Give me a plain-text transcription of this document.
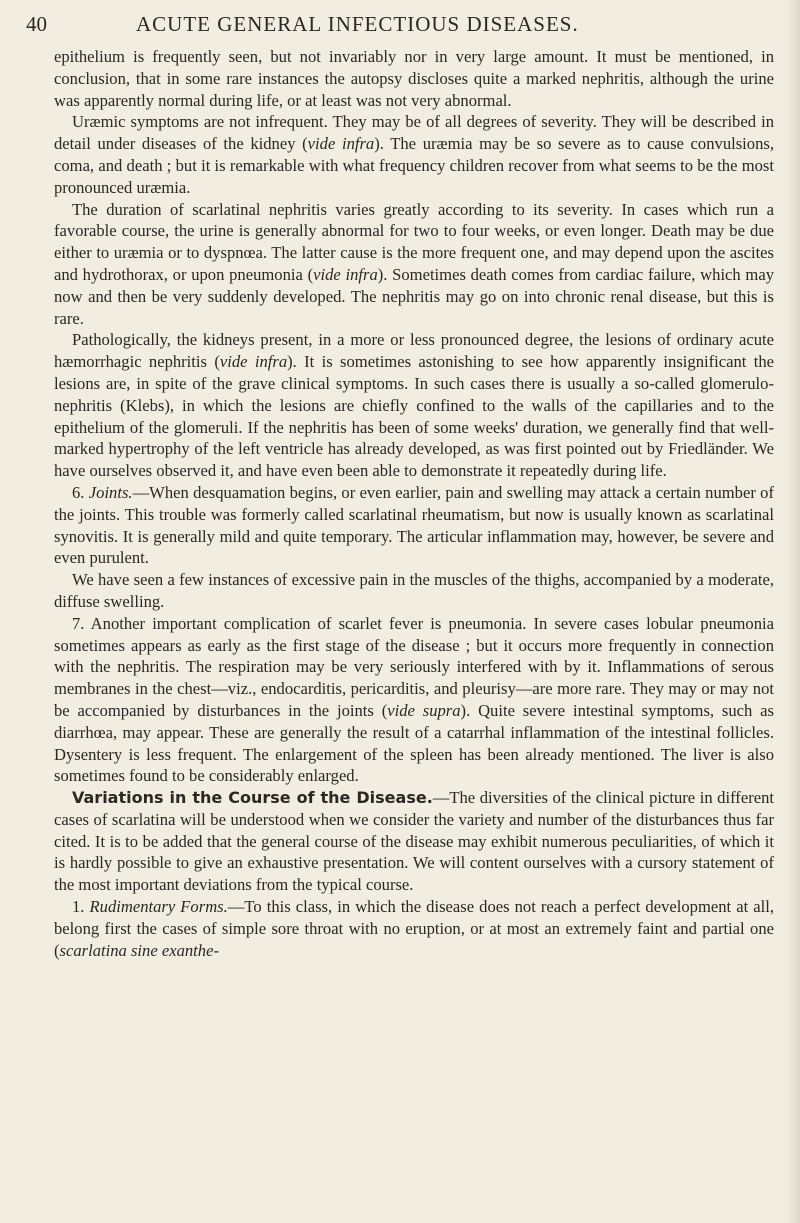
40	ACUTE GENERAL INFECTIOUS DISEASES.

epithelium is frequently seen, but not invariably nor in very large amount. It must be mentioned, in conclusion, that in some rare instances the autopsy discloses quite a marked nephritis, although the urine was apparently normal during life, or at least was not very abnormal.

Uræmic symptoms are not infrequent. They may be of all degrees of severity. They will be described in detail under diseases of the kidney (vide infra). The uræmia may be so severe as to cause convulsions, coma, and death ; but it is remarkable with what frequency children recover from what seems to be the most pronounced uræmia.

The duration of scarlatinal nephritis varies greatly according to its severity. In cases which run a favorable course, the urine is generally abnormal for two to four weeks, or even longer. Death may be due either to uræmia or to dyspnœa. The latter cause is the more frequent one, and may depend upon the ascites and hydrothorax, or upon pneumonia (vide infra). Sometimes death comes from cardiac failure, which may now and then be very suddenly developed. The nephritis may go on into chronic renal disease, but this is rare.

Pathologically, the kidneys present, in a more or less pronounced degree, the lesions of ordinary acute hæmorrhagic nephritis (vide infra). It is sometimes astonishing to see how apparently insignificant the lesions are, in spite of the grave clinical symptoms. In such cases there is usually a so-called glomerulo-nephritis (Klebs), in which the lesions are chiefly confined to the walls of the capillaries and to the epithelium of the glomeruli. If the nephritis has been of some weeks' duration, we generally find that well-marked hypertrophy of the left ventricle has already developed, as was first pointed out by Friedländer. We have ourselves observed it, and have even been able to demonstrate it repeatedly during life.

6. Joints.—When desquamation begins, or even earlier, pain and swelling may attack a certain number of the joints. This trouble was formerly called scarlatinal rheumatism, but now is usually known as scarlatinal synovitis. It is generally mild and quite temporary. The articular inflammation may, however, be severe and even purulent.

We have seen a few instances of excessive pain in the muscles of the thighs, accompanied by a moderate, diffuse swelling.

7. Another important complication of scarlet fever is pneumonia. In severe cases lobular pneumonia sometimes appears as early as the first stage of the disease ; but it occurs more frequently in connection with the nephritis. The respiration may be very seriously interfered with by it. Inflammations of serous membranes in the chest—viz., endocarditis, pericarditis, and pleurisy—are more rare. They may or may not be accompanied by disturbances in the joints (vide supra). Quite severe intestinal symptoms, such as diarrhœa, may appear. These are generally the result of a catarrhal inflammation of the intestinal follicles. Dysentery is less frequent. The enlargement of the spleen has been already mentioned. The liver is also sometimes found to be considerably enlarged.

Variations in the Course of the Disease.—The diversities of the clinical picture in different cases of scarlatina will be understood when we consider the variety and number of the disturbances thus far cited. It is to be added that the general course of the disease may exhibit numerous peculiarities, of which it is hardly possible to give an exhaustive presentation. We will content ourselves with a cursory statement of the most important deviations from the typical course.

1. Rudimentary Forms.—To this class, in which the disease does not reach a perfect development at all, belong first the cases of simple sore throat with no eruption, or at most an extremely faint and partial one (scarlatina sine exanthe-
